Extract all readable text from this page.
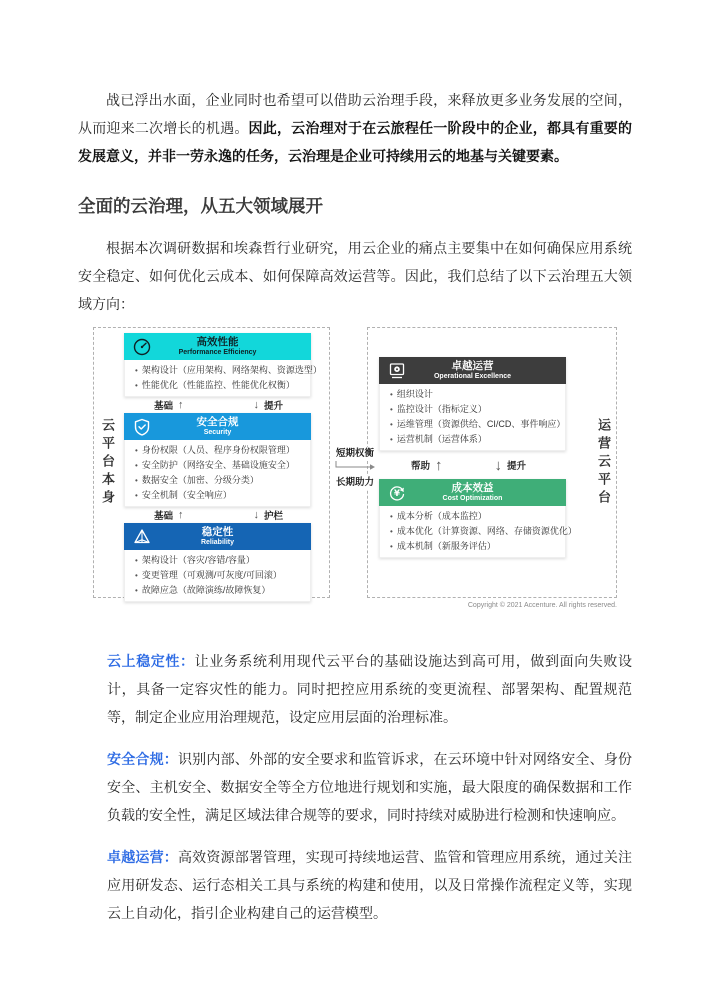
战已浮出水面，企业同时也希望可以借助云治理手段，来释放更多业务发展的空间，从而迎来二次增长的机遇。因此，云治理对于在云旅程任一阶段中的企业，都具有重要的发展意义，并非一劳永逸的任务，云治理是企业可持续用云的地基与关键要素。

全面的云治理，从五大领域展开

根据本次调研数据和埃森哲行业研究，用云企业的痛点主要集中在如何确保应用系统安全稳定、如何优化云成本、如何保障高效运营等。因此，我们总结了以下云治理五大领域方向：

云平台本身
高效性能
Performance Efficiency
• 架构设计（应用架构、网络架构、资源选型）
• 性能优化（性能监控、性能优化权衡）
基础 ↑	↓ 提升
安全合规
Security
• 身份权限（人员、程序身份权限管理）
• 安全防护（网络安全、基础设施安全）
• 数据安全（加密、分级分类）
• 安全机制（安全响应）
基础 ↑	↓ 护栏
稳定性
Reliability
• 架构设计（容灾/容错/容量）
• 变更管理（可观测/可灰度/可回滚）
• 故障应急（故障演练/故障恢复）
短期权衡
长期助力	运营云平台
卓越运营
Operational Excellence
• 组织设计
• 监控设计（指标定义）
• 运维管理（资源供给、CI/CD、事件响应）
• 运营机制（运营体系）
帮助 ↑	↓ 提升
¥	成本效益
Cost Optimization
• 成本分析（成本监控）
• 成本优化（计算资源、网络、存储资源优化）
• 成本机制（新服务评估）
Copyright © 2021 Accenture. All rights reserved.

云上稳定性：让业务系统利用现代云平台的基础设施达到高可用，做到面向失败设计，具备一定容灾性的能力。同时把控应用系统的变更流程、部署架构、配置规范等，制定企业应用治理规范，设定应用层面的治理标准。

安全合规：识别内部、外部的安全要求和监管诉求，在云环境中针对网络安全、身份安全、主机安全、数据安全等全方位地进行规划和实施，最大限度的确保数据和工作负载的安全性，满足区域法律合规等的要求，同时持续对威胁进行检测和快速响应。

卓越运营：高效资源部署管理，实现可持续地运营、监管和管理应用系统，通过关注应用研发态、运行态相关工具与系统的构建和使用，以及日常操作流程定义等，实现云上自动化，指引企业构建自己的运营模型。
